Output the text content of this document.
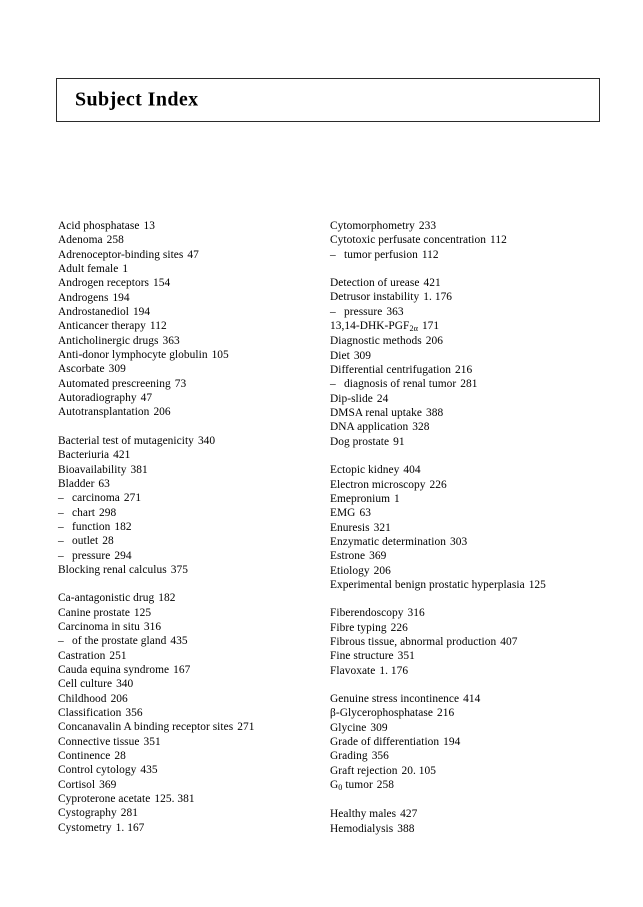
Subject Index
Acid phosphatase 13
Adenoma 258
Adrenoceptor-binding sites 47
Adult female 1
Androgen receptors 154
Androgens 194
Androstanediol 194
Anticancer therapy 112
Anticholinergic drugs 363
Anti-donor lymphocyte globulin 105
Ascorbate 309
Automated prescreening 73
Autoradiography 47
Autotransplantation 206
Bacterial test of mutagenicity 340
Bacteriuria 421
Bioavailability 381
Bladder 63
– carcinoma 271
– chart 298
– function 182
– outlet 28
– pressure 294
Blocking renal calculus 375
Ca-antagonistic drug 182
Canine prostate 125
Carcinoma in situ 316
– of the prostate gland 435
Castration 251
Cauda equina syndrome 167
Cell culture 340
Childhood 206
Classification 356
Concanavalin A binding receptor sites 271
Connective tissue 351
Continence 28
Control cytology 435
Cortisol 369
Cyproterone acetate 125. 381
Cystography 281
Cystometry 1. 167
Cytomorphometry 233
Cytotoxic perfusate concentration 112
– tumor perfusion 112
Detection of urease 421
Detrusor instability 1. 176
– pressure 363
$13,14-DHK-PGF_{2\alpha}$ 171
Diagnostic methods 206
Diet 309
Differential centrifugation 216
– diagnosis of renal tumor 281
Dip-slide 24
DMSA renal uptake 388
DNA application 328
Dog prostate 91
Ectopic kidney 404
Electron microscopy 226
Emepronium 1
EMG 63
Enuresis 321
Enzymatic determination 303
Estrone 369
Etiology 206
Experimental benign prostatic hyperplasia 125
Fiberendoscopy 316
Fibre typing 226
Fibrous tissue, abnormal production 407
Fine structure 351
Flavoxate 1. 176
Genuine stress incontinence 414
β-Glycerophosphatase 216
Glycine 309
Grade of differentiation 194
Grading 356
Graft rejection 20. 105
$G_0$ tumor 258
Healthy males 427
Hemodialysis 388
